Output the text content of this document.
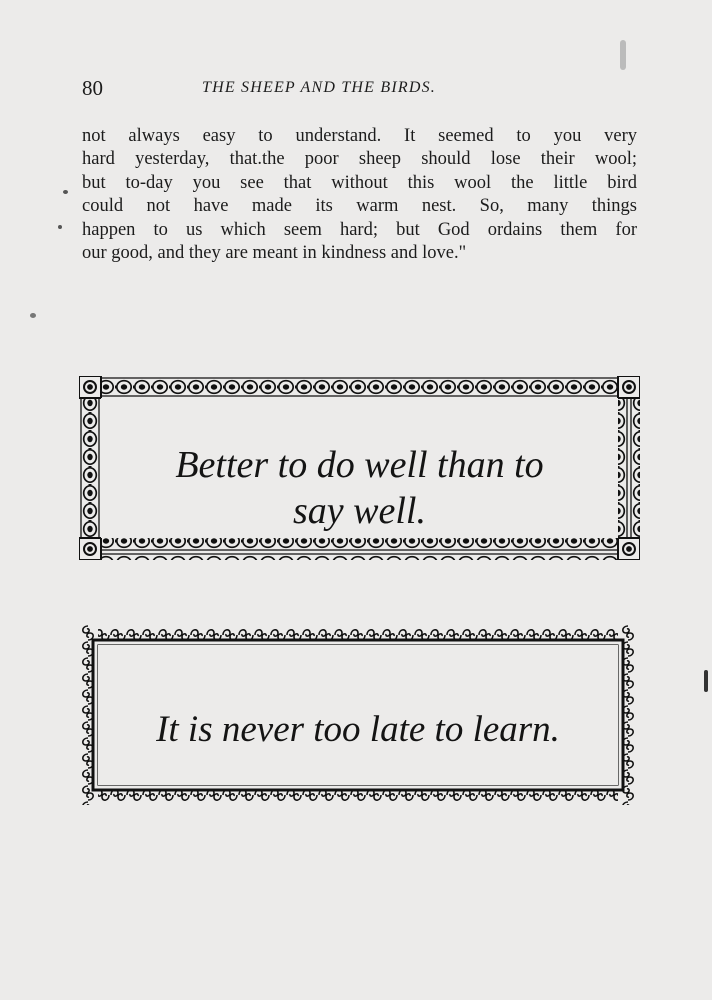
80	THE SHEEP AND THE BIRDS.
not always easy to understand. It seemed to you very
hard yesterday, that.the poor sheep should lose their wool;
but to-day you see that without this wool the little bird
could not have made its warm nest. So, many things
happen to us which seem hard; but God ordains them for
our good, and they are meant in kindness and love."
Better to do well than to
say well.
It is never too late to learn.
